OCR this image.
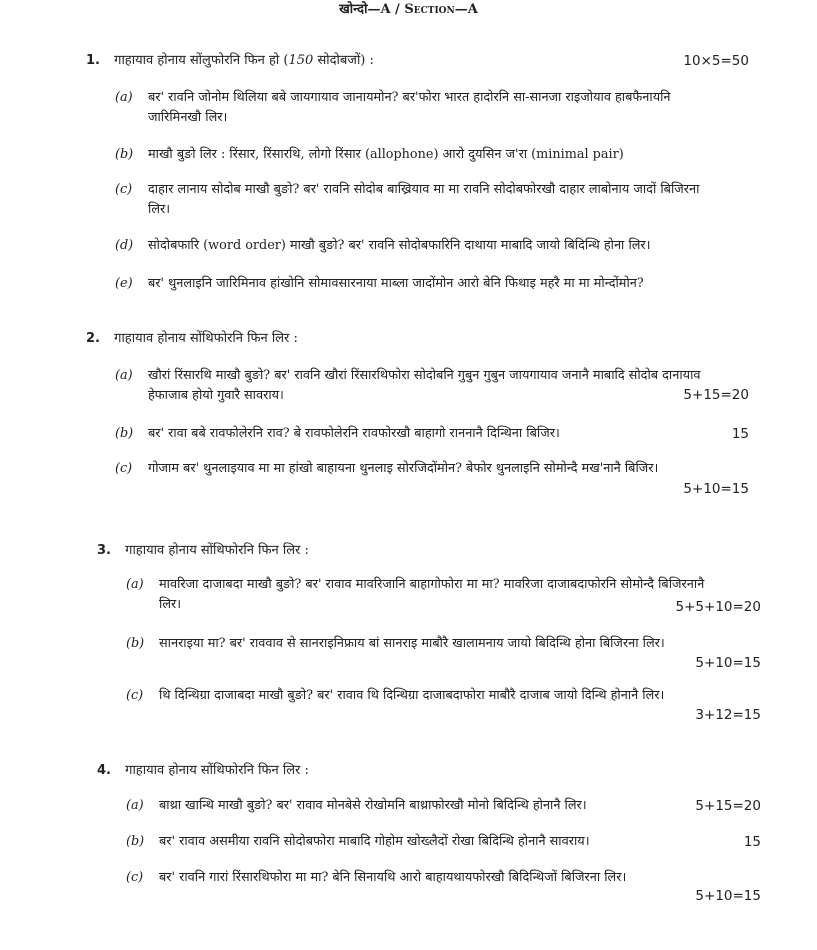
खोन्दो—A / Section—A
1. गाहायाव होनाय सोंलुफोरनि फिन हो (150 सोदोबजों) :	10×5=50
(a) बर' रावनि जोनोम थिलिया बबे जायगायाव जानायमोन? बर'फोरा भारत हादोरनि सा-सानजा राइजोयाव हाबफैनायनि जारिमिनखौ लिर।
(b) माखौ बुङो लिर : रिंसार, रिंसारथि, लोगो रिंसार (allophone) आरो दुयसिन ज'रा (minimal pair)
(c) दाहार लानाय सोदोब माखौ बुङो? बर' रावनि सोदोब बाख्रियाव मा मा रावनि सोदोबफोरखौ दाहार लाबोनाय जादों बिजिरना लिर।
(d) सोदोबफारि (word order) माखौ बुङो? बर' रावनि सोदोबफारिनि दाथाया माबादि जायो बिदिन्थि होना लिर।
(e) बर' थुनलाइनि जारिमिनाव हांखोनि सोमावसारनाया माब्ला जादोंमोन आरो बेनि फिथाइ महरै मा मा मोन्दोंमोन?
2. गाहायाव होनाय सोंथिफोरनि फिन लिर :
(a) खौरां रिंसारथि माखौ बुङो? बर' रावनि खौरां रिंसारथिफोरा सोदोबनि गुबुन गुबुन जायगायाव जनानै माबादि सोदोब दानायाव हेफाजाब होयो गुवारै सावराय।	5+15=20
(b) बर' रावा बबे रावफोलेरनि राव? बे रावफोलेरनि रावफोरखौ बाहागो राननानै दिन्थिना बिजिर।	15
(c) गोजाम बर' थुनलाइयाव मा मा हांखो बाहायना थुनलाइ सोरजिदोंमोन? बेफोर थुनलाइनि सोमोन्दै मख'नानै बिजिर।
5+10=15
3. गाहायाव होनाय सोंथिफोरनि फिन लिर :
(a) मावरिजा दाजाबदा माखौ बुङो? बर' रावाव मावरिजानि बाहागोफोरा मा मा? मावरिजा दाजाबदाफोरनि सोमोन्दै बिजिरनानै लिर।	5+5+10=20
(b) सानराइया मा? बर' राववाव से सानराइनिफ्राय बां सानराइ माबौरै खालामनाय जायो बिदिन्थि होना बिजिरना लिर।
5+10=15
(c) थि दिन्थिग्रा दाजाबदा माखौ बुङो? बर' रावाव थि दिन्थिग्रा दाजाबदाफोरा माबौरै दाजाब जायो दिन्थि होनानै लिर।
3+12=15
4. गाहायाव होनाय सोंथिफोरनि फिन लिर :
(a) बाथ्रा खान्थि माखौ बुङो? बर' रावाव मोनबेसे रोखोमनि बाथ्राफोरखौ मोनो बिदिन्थि होनानै लिर।	5+15=20
(b) बर' रावाव असमीया रावनि सोदोबफोरा माबादि गोहोम खोख्लैदों रोखा बिदिन्थि होनानै सावराय।	15
(c) बर' रावनि गारां रिंसारथिफोरा मा मा? बेनि सिनायथि आरो बाहायथायफोरखौ बिदिन्थिजों बिजिरना लिर।
5+10=15
